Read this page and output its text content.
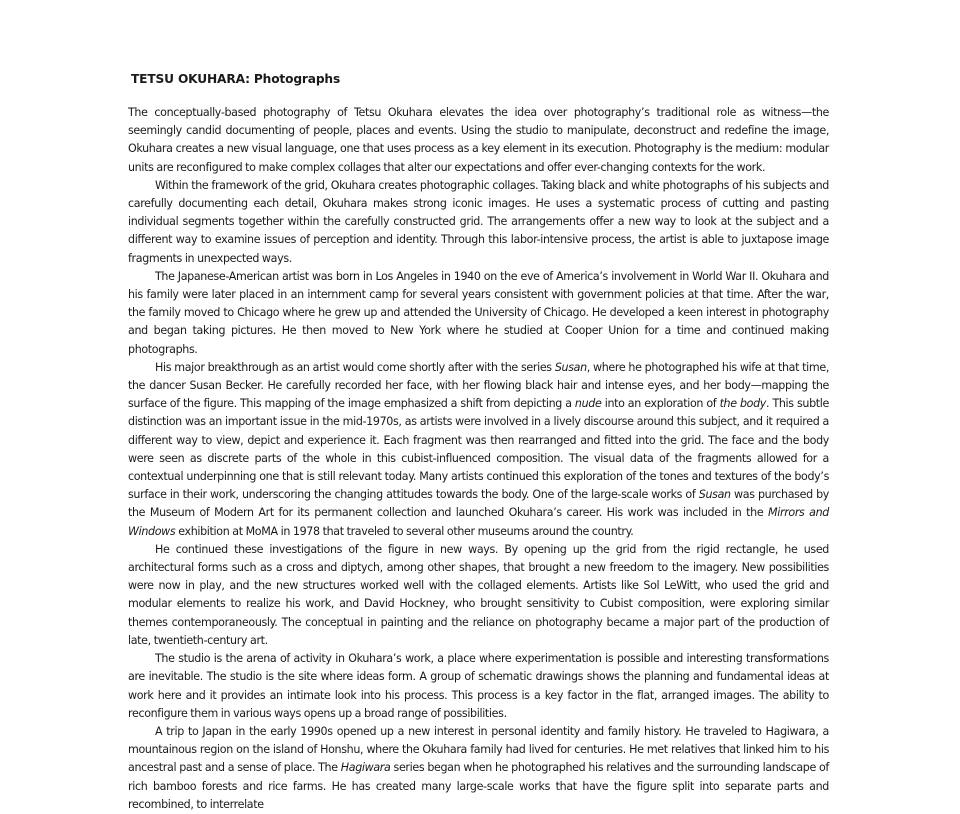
TETSU OKUHARA: Photographs

The conceptually-based photography of Tetsu Okuhara elevates the idea over photography’s traditional role as witness—the seemingly candid documenting of people, places and events. Using the studio to manipulate, deconstruct and redefine the image, Okuhara creates a new visual language, one that uses process as a key element in its execution. Photography is the medium: modular units are reconfigured to make complex collages that alter our expectations and offer ever-changing contexts for the work.

Within the framework of the grid, Okuhara creates photographic collages. Taking black and white photographs of his subjects and carefully documenting each detail, Okuhara makes strong iconic images. He uses a systematic process of cutting and pasting individual segments together within the carefully constructed grid. The arrangements offer a new way to look at the subject and a different way to examine issues of perception and identity. Through this labor-intensive process, the artist is able to juxtapose image fragments in unexpected ways.

The Japanese-American artist was born in Los Angeles in 1940 on the eve of America’s involvement in World War II. Okuhara and his family were later placed in an internment camp for several years consistent with government policies at that time. After the war, the family moved to Chicago where he grew up and attended the University of Chicago. He developed a keen interest in photography and began taking pictures. He then moved to New York where he studied at Cooper Union for a time and continued making photographs.

His major breakthrough as an artist would come shortly after with the series Susan, where he photographed his wife at that time, the dancer Susan Becker. He carefully recorded her face, with her flowing black hair and intense eyes, and her body—mapping the surface of the figure. This mapping of the image emphasized a shift from depicting a nude into an exploration of the body. This subtle distinction was an important issue in the mid-1970s, as artists were involved in a lively discourse around this subject, and it required a different way to view, depict and experience it. Each fragment was then rearranged and fitted into the grid. The face and the body were seen as discrete parts of the whole in this cubist-influenced composition. The visual data of the fragments allowed for a contextual underpinning one that is still relevant today. Many artists continued this exploration of the tones and textures of the body’s surface in their work, underscoring the changing attitudes towards the body. One of the large-scale works of Susan was purchased by the Museum of Modern Art for its permanent collection and launched Okuhara’s career. His work was included in the Mirrors and Windows exhibition at MoMA in 1978 that traveled to several other museums around the country.

He continued these investigations of the figure in new ways. By opening up the grid from the rigid rectangle, he used architectural forms such as a cross and diptych, among other shapes, that brought a new freedom to the imagery. New possibilities were now in play, and the new structures worked well with the collaged elements. Artists like Sol LeWitt, who used the grid and modular elements to realize his work, and David Hockney, who brought sensitivity to Cubist composition, were exploring similar themes contemporaneously. The conceptual in painting and the reliance on photography became a major part of the production of late, twentieth-century art.

The studio is the arena of activity in Okuhara’s work, a place where experimentation is possible and interesting transformations are inevitable. The studio is the site where ideas form. A group of schematic drawings shows the planning and fundamental ideas at work here and it provides an intimate look into his process. This process is a key factor in the flat, arranged images. The ability to reconfigure them in various ways opens up a broad range of possibilities.

A trip to Japan in the early 1990s opened up a new interest in personal identity and family history. He traveled to Hagiwara, a mountainous region on the island of Honshu, where the Okuhara family had lived for centuries. He met relatives that linked him to his ancestral past and a sense of place. The Hagiwara series began when he photographed his relatives and the surrounding landscape of rich bamboo forests and rice farms. He has created many large-scale works that have the figure split into separate parts and recombined, to interrelate
